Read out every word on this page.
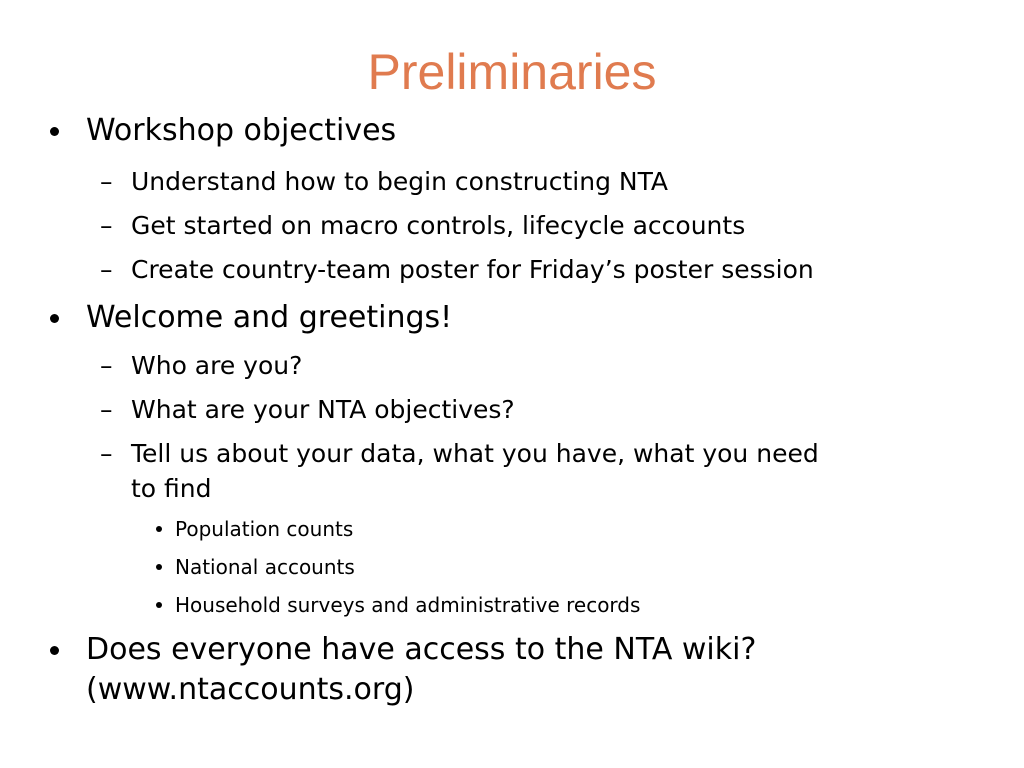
Preliminaries
Workshop objectives
– Understand how to begin constructing NTA
– Get started on macro controls, lifecycle accounts
– Create country-team poster for Friday’s poster session
Welcome and greetings!
– Who are you?
– What are your NTA objectives?
– Tell us about your data, what you have, what you need
to find
Population counts
National accounts
Household surveys and administrative records
Does everyone have access to the NTA wiki?
(www.ntaccounts.org)
